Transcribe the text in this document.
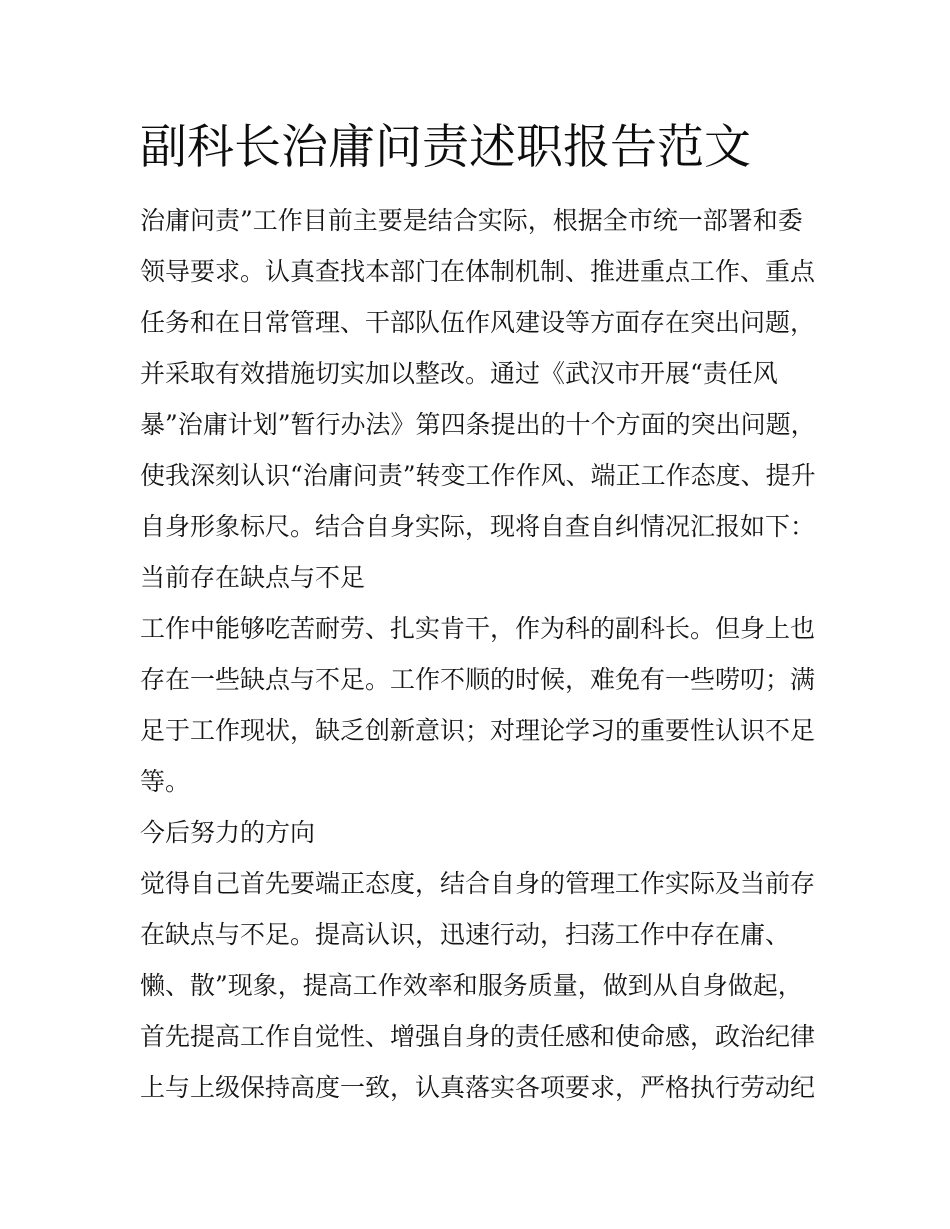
副科长治庸问责述职报告范文
治庸问责”工作目前主要是结合实际，根据全市统一部署和委
领导要求。认真查找本部门在体制机制、推进重点工作、重点
任务和在日常管理、干部队伍作风建设等方面存在突出问题，
并采取有效措施切实加以整改。通过《武汉市开展“责任风
暴”治庸计划”暂行办法》第四条提出的十个方面的突出问题，
使我深刻认识“治庸问责”转变工作作风、端正工作态度、提升
自身形象标尺。结合自身实际，现将自查自纠情况汇报如下：
当前存在缺点与不足
工作中能够吃苦耐劳、扎实肯干，作为科的副科长。但身上也
存在一些缺点与不足。工作不顺的时候，难免有一些唠叨；满
足于工作现状，缺乏创新意识；对理论学习的重要性认识不足
等。
今后努力的方向
觉得自己首先要端正态度，结合自身的管理工作实际及当前存
在缺点与不足。提高认识，迅速行动，扫荡工作中存在庸、
懒、散”现象，提高工作效率和服务质量，做到从自身做起，
首先提高工作自觉性、增强自身的责任感和使命感，政治纪律
上与上级保持高度一致，认真落实各项要求，严格执行劳动纪
